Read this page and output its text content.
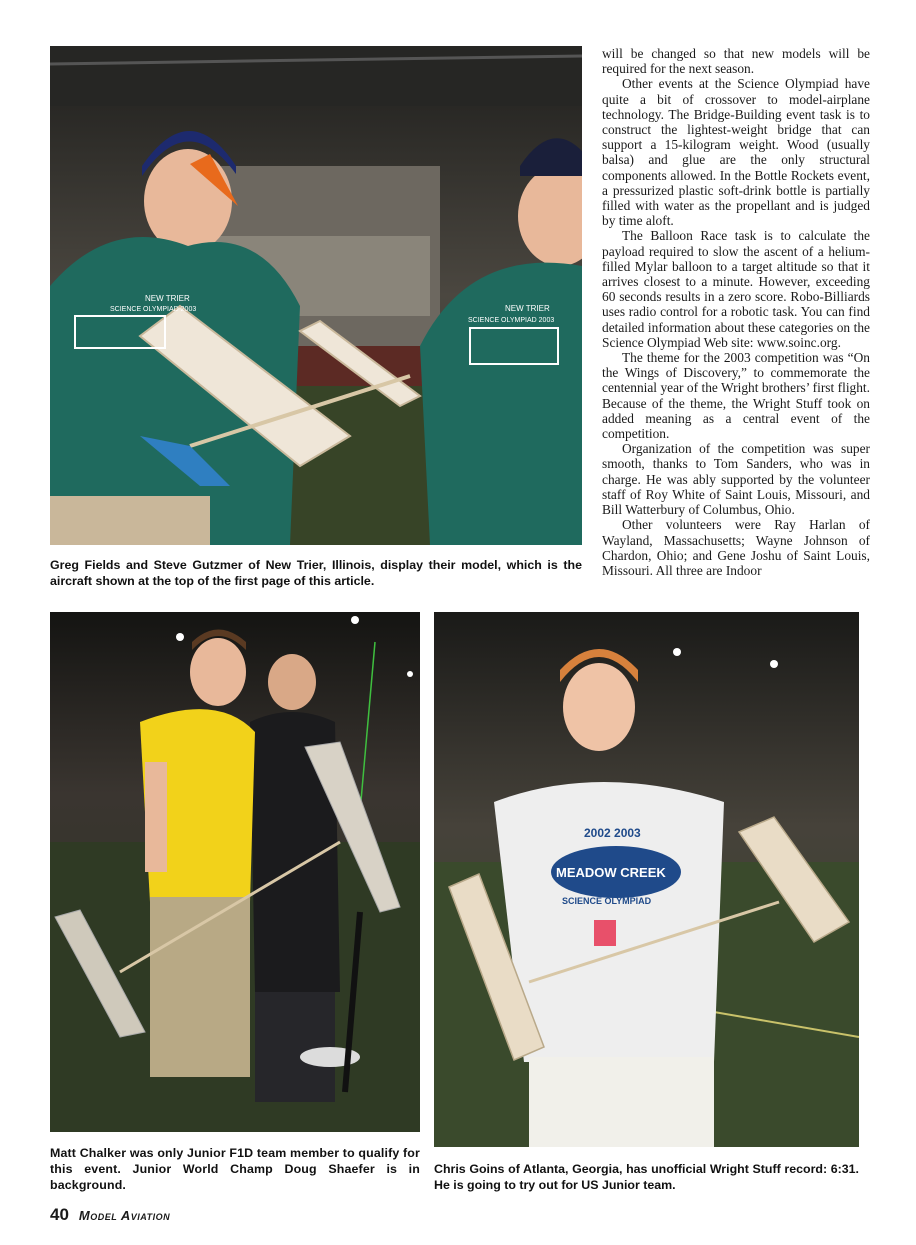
NEW TRIER
SCIENCE OLYMPIAD 2003	NEW TRIER
SCIENCE OLYMPIAD 2003
Greg Fields and Steve Gutzmer of New Trier, Illinois, display their model, which is the aircraft shown at the top of the first page of this article.

will be changed so that new models will be required for the next season.

Other events at the Science Olympiad have quite a bit of crossover to model-airplane technology. The Bridge-Building event task is to construct the lightest-weight bridge that can support a 15-kilogram weight. Wood (usually balsa) and glue are the only structural components allowed. In the Bottle Rockets event, a pressurized plastic soft-drink bottle is partially filled with water as the propellant and is judged by time aloft.

The Balloon Race task is to calculate the payload required to slow the ascent of a helium-filled Mylar balloon to a target altitude so that it arrives closest to a minute. However, exceeding 60 seconds results in a zero score. Robo-Billiards uses radio control for a robotic task. You can find detailed information about these categories on the Science Olympiad Web site: www.soinc.org.

The theme for the 2003 competition was “On the Wings of Discovery,” to commemorate the centennial year of the Wright brothers’ first flight. Because of the theme, the Wright Stuff took on added meaning as a central event of the competition.

Organization of the competition was super smooth, thanks to Tom Sanders, who was in charge. He was ably supported by the volunteer staff of Roy White of Saint Louis, Missouri, and Bill Watterbury of Columbus, Ohio.

Other volunteers were Ray Harlan of Wayland, Massachusetts; Wayne Johnson of Chardon, Ohio; and Gene Joshu of Saint Louis, Missouri. All three are Indoor

Matt Chalker was only Junior F1D team member to qualify for this event. Junior World Champ Doug Shaefer is in background.
2002 2003
MEADOW CREEK
SCIENCE OLYMPIAD
Chris Goins of Atlanta, Georgia, has unofficial Wright Stuff record: 6:31. He is going to try out for US Junior team.
40 Model Aviation
